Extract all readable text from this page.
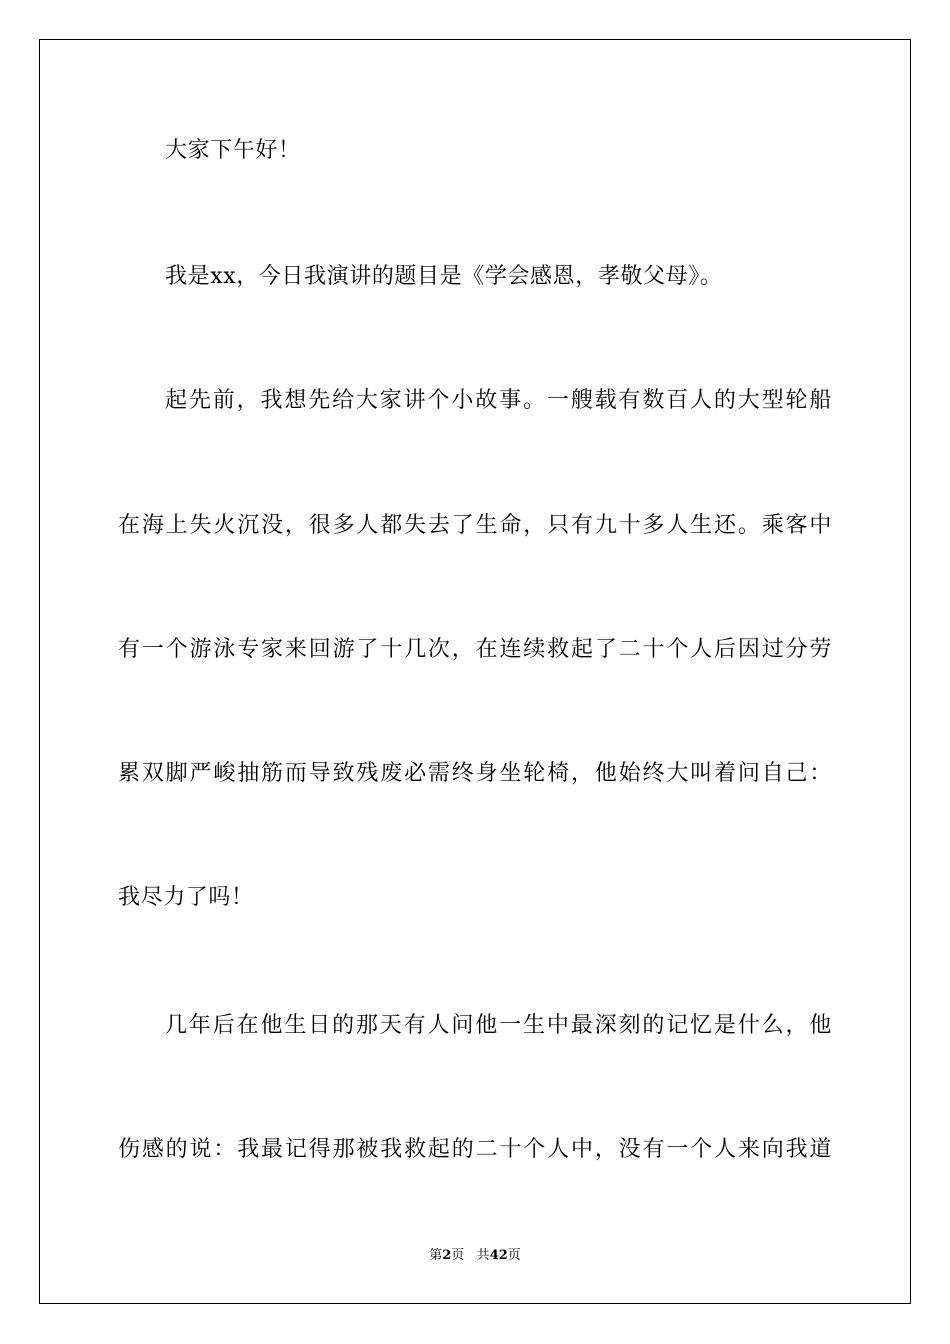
大家下午好！
我是xx，今日我演讲的题目是《学会感恩，孝敬父母》。
起先前，我想先给大家讲个小故事。一艘载有数百人的大型轮船
在海上失火沉没，很多人都失去了生命，只有九十多人生还。乘客中
有一个游泳专家来回游了十几次，在连续救起了二十个人后因过分劳
累双脚严峻抽筋而导致残废必需终身坐轮椅，他始终大叫着问自己：
我尽力了吗！
几年后在他生日的那天有人问他一生中最深刻的记忆是什么，他
伤感的说：我最记得那被我救起的二十个人中，没有一个人来向我道
第2页 共42页
